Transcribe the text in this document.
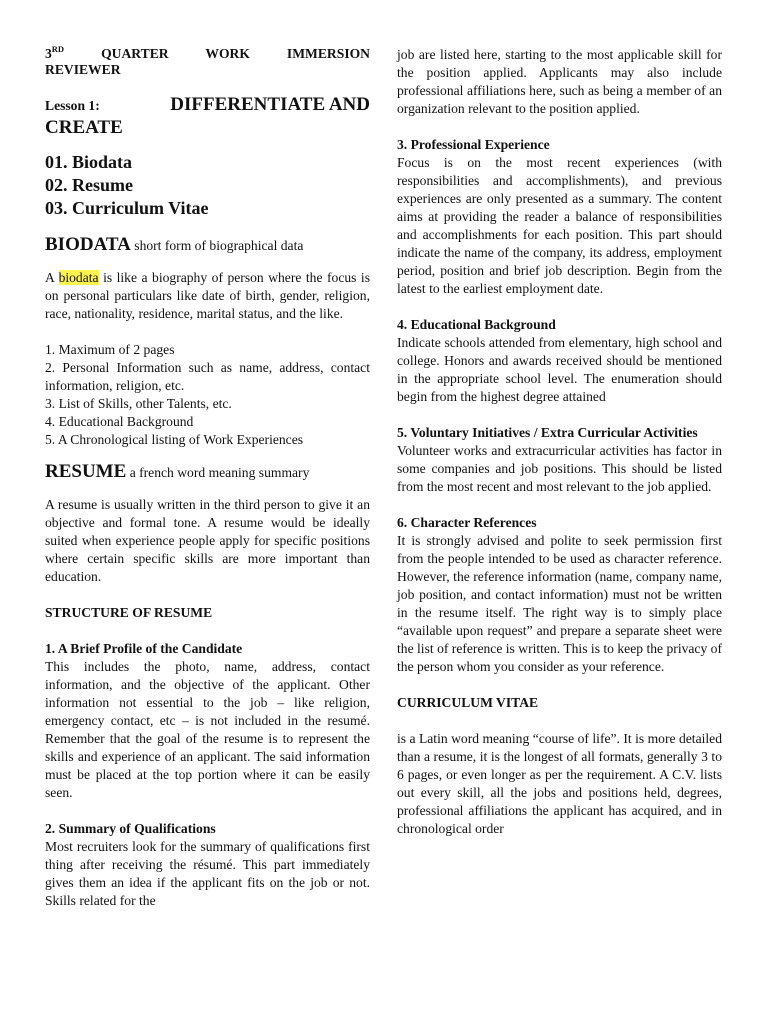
3RD	QUARTER WORK IMMERSION
REVIEWER
Lesson 1:	DIFFERENTIATE AND
CREATE
01. Biodata
02. Resume
03. Curriculum Vitae
BIODATA short form of biographical data

A biodata is like a biography of person where the focus is on personal particulars like date of birth, gender, religion, race, nationality, residence, marital status, and the like.

1. Maximum of 2 pages

2. Personal Information such as name, address, contact information, religion, etc.

3. List of Skills, other Talents, etc.

4. Educational Background

5. A Chronological listing of Work Experiences

RESUME a french word meaning summary

A resume is usually written in the third person to give it an objective and formal tone. A resume would be ideally suited when experience people apply for specific positions where certain specific skills are more important than education.

STRUCTURE OF RESUME

1. A Brief Profile of the Candidate

This includes the photo, name, address, contact information, and the objective of the applicant. Other information not essential to the job – like religion, emergency contact, etc – is not included in the resumé. Remember that the goal of the resume is to represent the skills and experience of an applicant. The said information must be placed at the top portion where it can be easily seen.

2. Summary of Qualifications

Most recruiters look for the summary of qualifications first thing after receiving the résumé. This part immediately gives them an idea if the applicant fits on the job or not. Skills related for the

job are listed here, starting to the most applicable skill for the position applied. Applicants may also include professional affiliations here, such as being a member of an organization relevant to the position applied.

3. Professional Experience

Focus is on the most recent experiences (with responsibilities and accomplishments), and previous experiences are only presented as a summary. The content aims at providing the reader a balance of responsibilities and accomplishments for each position. This part should indicate the name of the company, its address, employment period, position and brief job description. Begin from the latest to the earliest employment date.

4. Educational Background

Indicate schools attended from elementary, high school and college. Honors and awards received should be mentioned in the appropriate school level. The enumeration should begin from the highest degree attained

5. Voluntary Initiatives / Extra Curricular Activities

Volunteer works and extracurricular activities has factor in some companies and job positions. This should be listed from the most recent and most relevant to the job applied.

6. Character References

It is strongly advised and polite to seek permission first from the people intended to be used as character reference. However, the reference information (name, company name, job position, and contact information) must not be written in the resume itself. The right way is to simply place “available upon request” and prepare a separate sheet were the list of reference is written. This is to keep the privacy of the person whom you consider as your reference.

CURRICULUM VITAE

is a Latin word meaning “course of life”. It is more detailed than a resume, it is the longest of all formats, generally 3 to 6 pages, or even longer as per the requirement. A C.V. lists out every skill, all the jobs and positions held, degrees, professional affiliations the applicant has acquired, and in chronological order
